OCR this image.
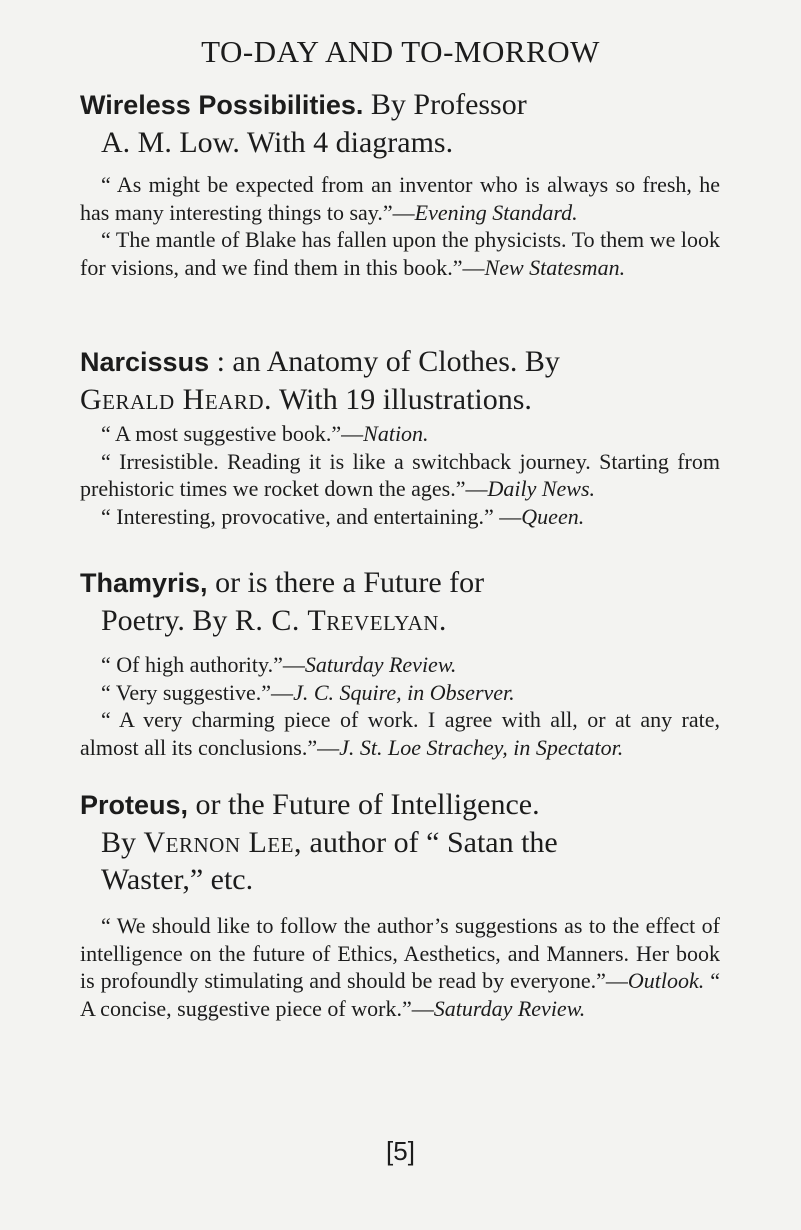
TO-DAY AND TO-MORROW
Wireless Possibilities. By Professor
A. M. Low. With 4 diagrams.
“ As might be expected from an inventor who is always so fresh, he has many interesting things to say.”—Evening Standard.
“ The mantle of Blake has fallen upon the physicists. To them we look for visions, and we find them in this book.”—New Statesman.
Narcissus : an Anatomy of Clothes. By
Gerald Heard. With 19 illustrations.
“ A most suggestive book.”—Nation.
“ Irresistible. Reading it is like a switchback journey. Starting from prehistoric times we rocket down the ages.”—Daily News.
“ Interesting, provocative, and entertaining.” —Queen.
Thamyris, or is there a Future for
Poetry. By R. C. Trevelyan.
“ Of high authority.”—Saturday Review.
“ Very suggestive.”—J. C. Squire, in Observer.
“ A very charming piece of work. I agree with all, or at any rate, almost all its conclusions.”—J. St. Loe Strachey, in Spectator.
Proteus, or the Future of Intelligence.
By Vernon Lee, author of “ Satan the
Waster,” etc.
“ We should like to follow the author’s suggestions as to the effect of intelligence on the future of Ethics, Aesthetics, and Manners. Her book is profoundly stimulating and should be read by everyone.”—Outlook. “ A concise, suggestive piece of work.”—Saturday Review.
[5]
